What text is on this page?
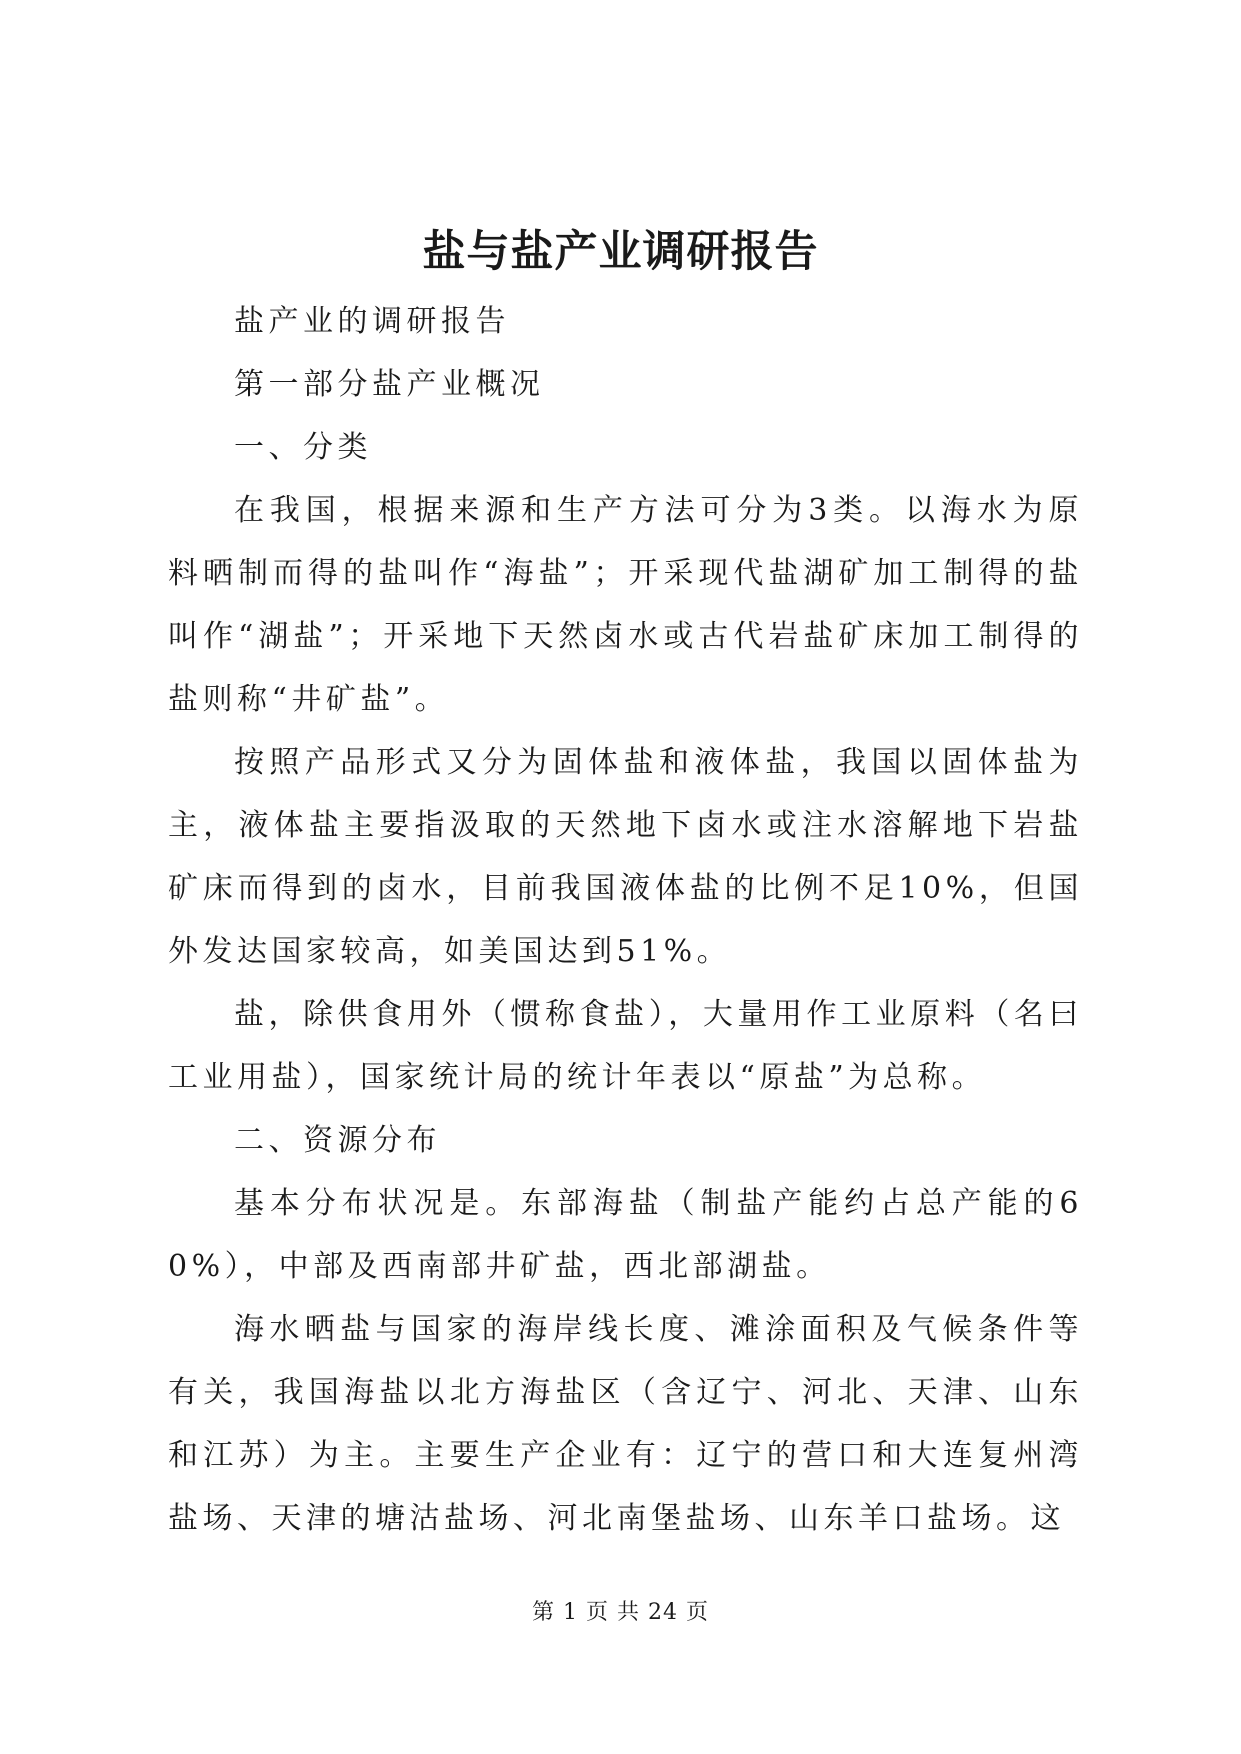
盐与盐产业调研报告

盐产业的调研报告

第一部分盐产业概况

一、分类

在我国，根据来源和生产方法可分为3类。以海水为原料晒制而得的盐叫作“海盐”；开采现代盐湖矿加工制得的盐叫作“湖盐”；开采地下天然卤水或古代岩盐矿床加工制得的盐则称“井矿盐”。

按照产品形式又分为固体盐和液体盐，我国以固体盐为主，液体盐主要指汲取的天然地下卤水或注水溶解地下岩盐矿床而得到的卤水，目前我国液体盐的比例不足10%，但国外发达国家较高，如美国达到51%。

盐，除供食用外（惯称食盐），大量用作工业原料（名曰工业用盐），国家统计局的统计年表以“原盐”为总称。

二、资源分布

基本分布状况是。东部海盐（制盐产能约占总产能的60%），中部及西南部井矿盐，西北部湖盐。

海水晒盐与国家的海岸线长度、滩涂面积及气候条件等有关，我国海盐以北方海盐区（含辽宁、河北、天津、山东和江苏）为主。主要生产企业有：辽宁的营口和大连复州湾盐场、天津的塘沽盐场、河北南堡盐场、山东羊口盐场。这

第 1 页 共 24 页
